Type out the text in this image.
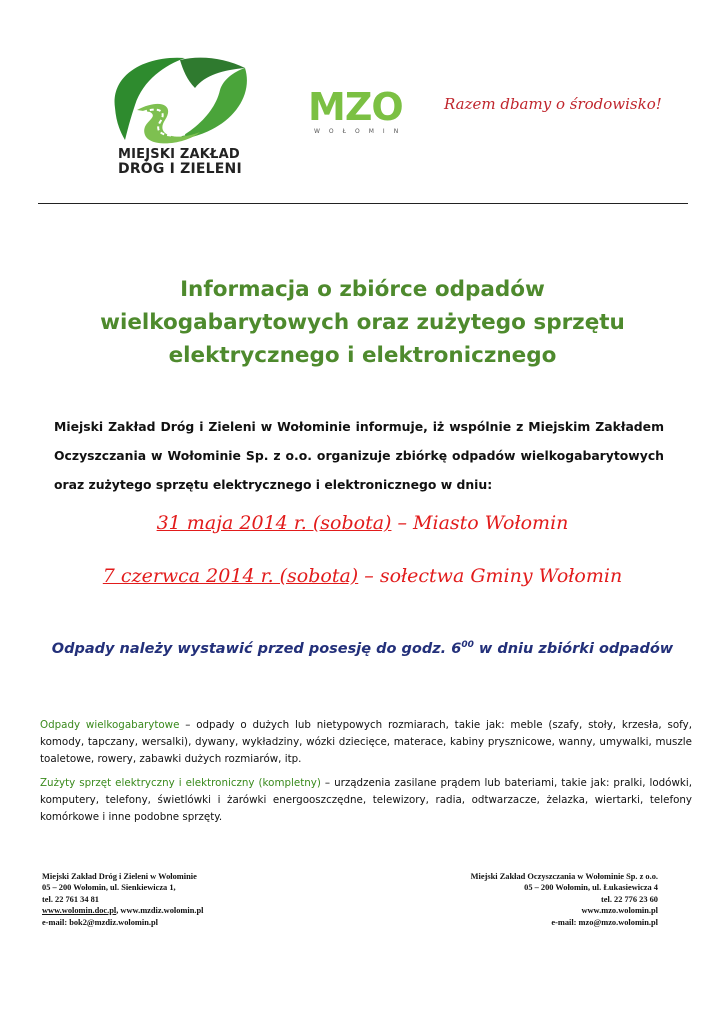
MIEJSKI ZAKŁAD
DRÓG I ZIELENI
MZO
WOŁOMIN
Razem dbamy o środowisko!
Informacja o zbiórce odpadów
wielkogabarytowych oraz zużytego sprzętu
elektrycznego i elektronicznego
Miejski Zakład Dróg i Zieleni w Wołominie informuje, iż wspólnie z Miejskim Zakładem Oczyszczania w Wołominie Sp. z o.o. organizuje zbiórkę odpadów wielkogabarytowych oraz zużytego sprzętu elektrycznego i elektronicznego w dniu:
31 maja 2014 r. (sobota) – Miasto Wołomin
7 czerwca 2014 r. (sobota) – sołectwa Gminy Wołomin
Odpady należy wystawić przed posesję do godz. $6^{00}$ w dniu zbiórki odpadów
Odpady wielkogabarytowe – odpady o dużych lub nietypowych rozmiarach, takie jak: meble (szafy, stoły, krzesła, sofy, komody, tapczany, wersalki), dywany, wykładziny, wózki dziecięce, materace, kabiny prysznicowe, wanny, umywalki, muszle toaletowe, rowery, zabawki dużych rozmiarów, itp.
Zużyty sprzęt elektryczny i elektroniczny (kompletny) – urządzenia zasilane prądem lub bateriami, takie jak: pralki, lodówki, komputery, telefony, świetlówki i żarówki energooszczędne, telewizory, radia, odtwarzacze, żelazka, wiertarki, telefony komórkowe i inne podobne sprzęty.
Miejski Zakład Dróg i Zieleni w Wołominie
05 – 200 Wołomin, ul. Sienkiewicza 1,
tel. 22 761 34 81
www.wolomin.doc.pl, www.mzdiz.wolomin.pl
e-mail: bok2@mzdiz.wolomin.pl
Miejski Zakład Oczyszczania w Wołominie Sp. z o.o.
05 – 200 Wołomin, ul. Łukasiewicza 4
tel. 22 776 23 60
www.mzo.wolomin.pl
e-mail: mzo@mzo.wolomin.pl
